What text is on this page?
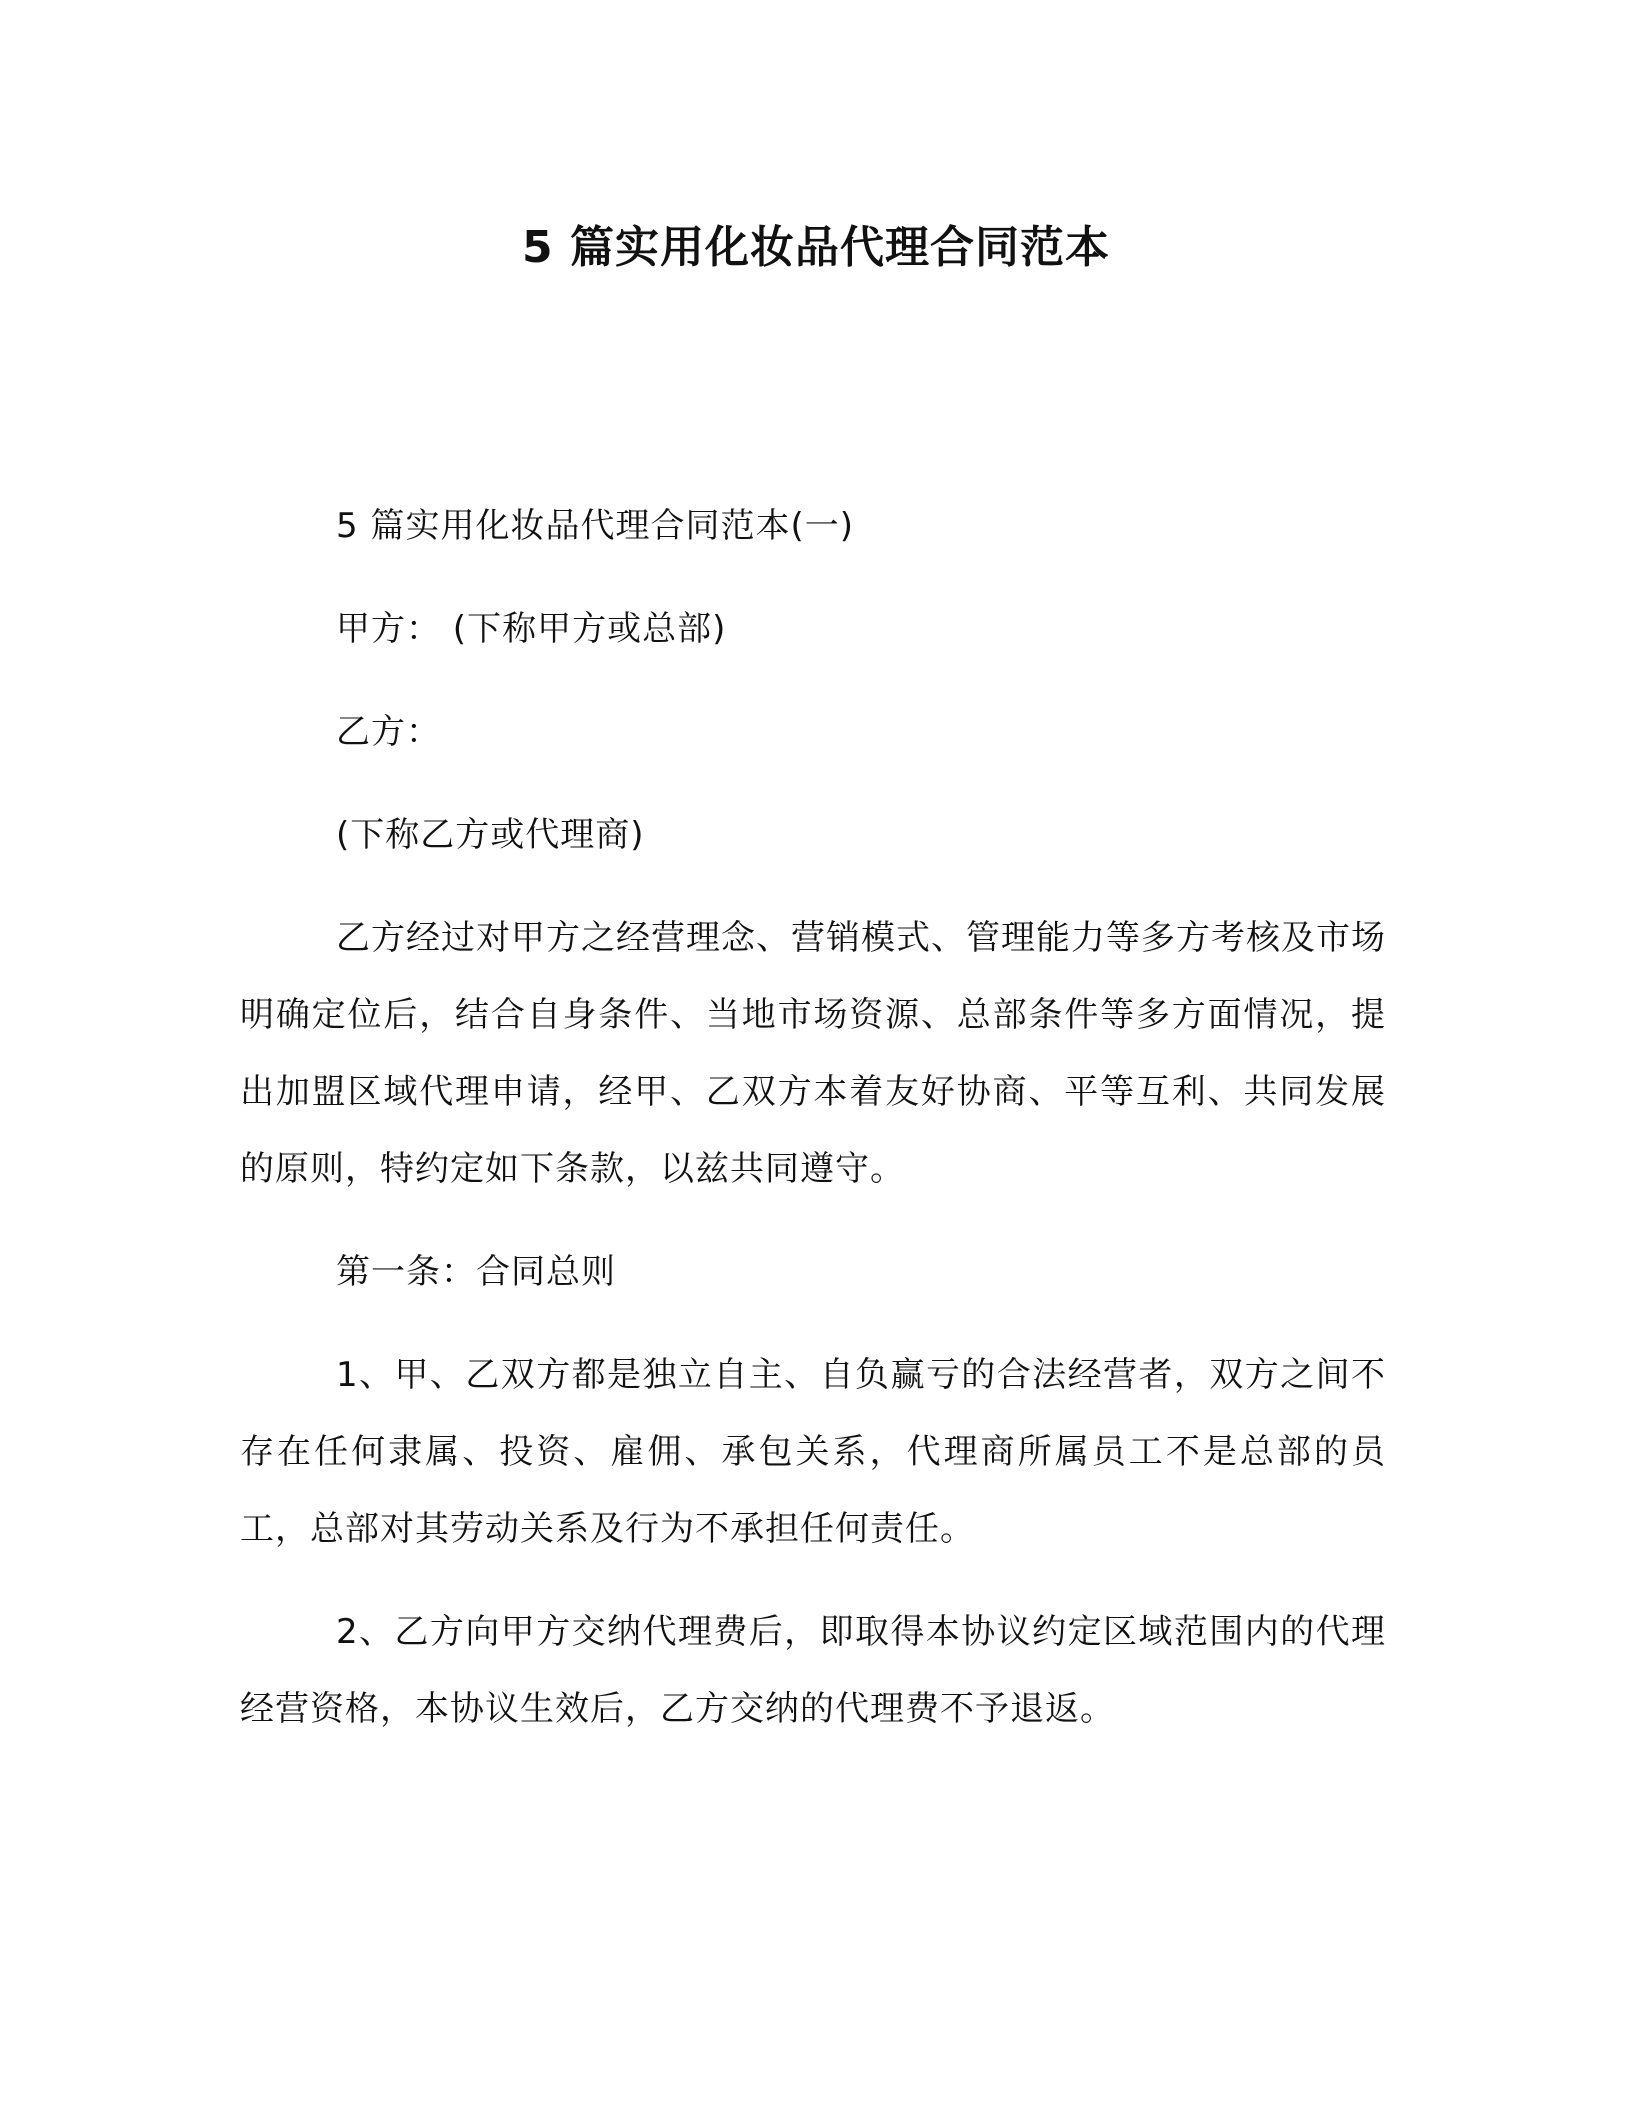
5 篇实用化妆品代理合同范本

5 篇实用化妆品代理合同范本(一)

甲方： (下称甲方或总部)

乙方：

(下称乙方或代理商)

乙方经过对甲方之经营理念、营销模式、管理能力等多方考核及市场明确定位后，结合自身条件、当地市场资源、总部条件等多方面情况，提出加盟区域代理申请，经甲、乙双方本着友好协商、平等互利、共同发展的原则，特约定如下条款，以兹共同遵守。

第一条：合同总则

1、甲、乙双方都是独立自主、自负赢亏的合法经营者，双方之间不存在任何隶属、投资、雇佣、承包关系，代理商所属员工不是总部的员工，总部对其劳动关系及行为不承担任何责任。

2、乙方向甲方交纳代理费后，即取得本协议约定区域范围内的代理经营资格，本协议生效后，乙方交纳的代理费不予退返。
